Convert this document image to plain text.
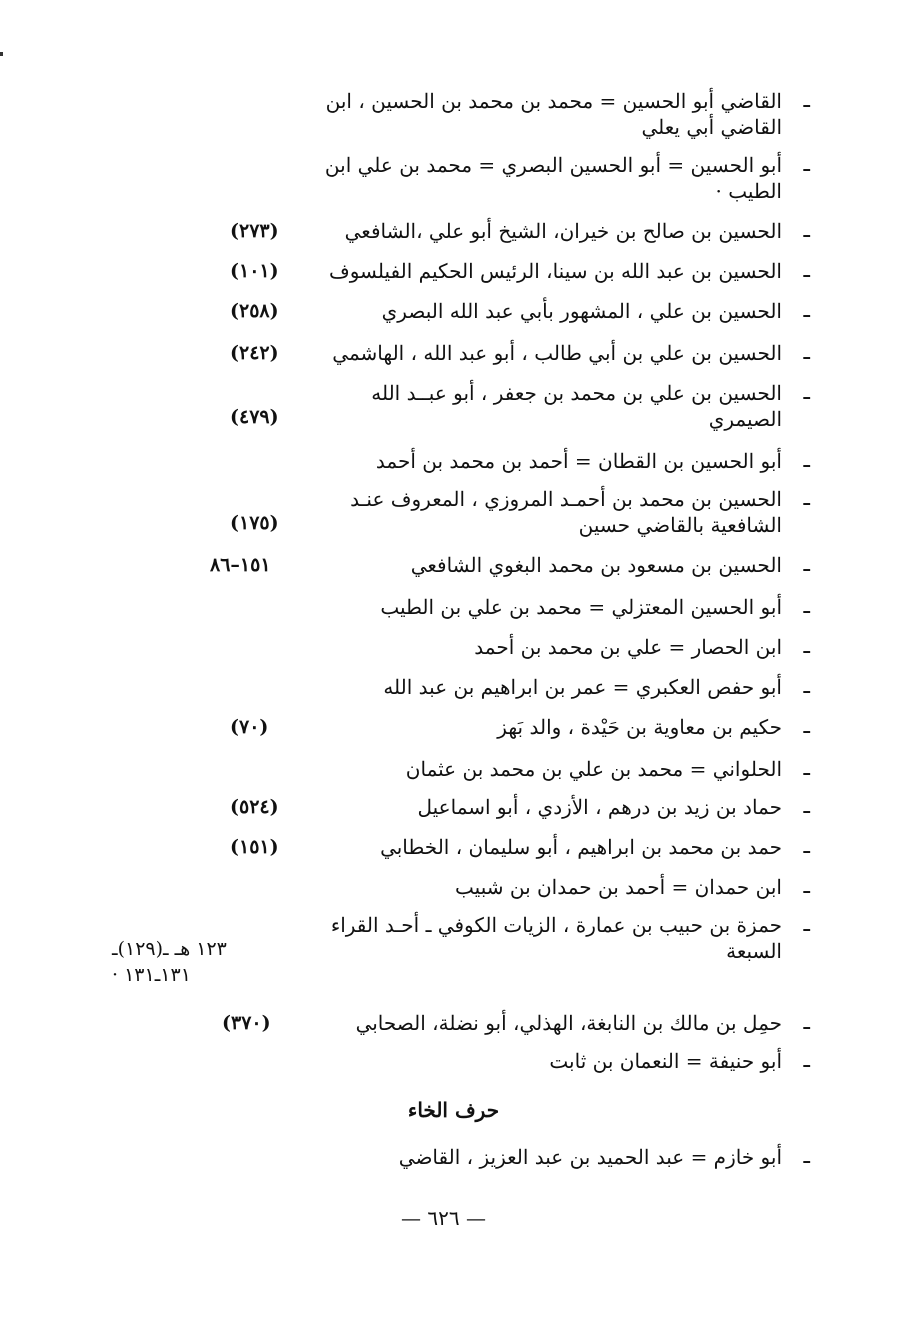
ـ
القاضي أبو الحسين = محمد بن محمد بن الحسين ، ابن القاضي أبي يعلي
ـ
أبو الحسين = أبو الحسين البصري = محمد بن علي ابن الطيب ·
ـ
الحسين بن صالح بن خيران، الشيخ أبو علي ،الشافعي
(٢٧٣)
ـ
الحسين بن عبد الله بن سينا، الرئيس الحكيم الفيلسوف
(١٠١)
ـ
الحسين بن علي ، المشهور بأبي عبد الله البصري
(٢٥٨)
ـ
الحسين بن علي بن أبي طالب ، أبو عبد الله ، الهاشمي
(٢٤٢)
ـ
الحسين بن علي بن محمد بن جعفر ، أبو عبــد الله الصيمري
(٤٧٩)
ـ
أبو الحسين بن القطان = أحمد بن محمد بن أحمد
ـ
الحسين بن محمد بن أحمـد المروزي ، المعروف عنـد الشافعية بالقاضي حسين
(١٧٥)
ـ
الحسين بن مسعود بن محمد البغوي الشافعي
١٥١–٨٦
ـ
أبو الحسين المعتزلي = محمد بن علي بن الطيب
ـ
ابن الحصار = علي بن محمد بن أحمد
ـ
أبو حفص العكبري = عمر بن ابراهيم بن عبد الله
ـ
حكيم بن معاوية بن حَيْدة ، والد بَهز
(٧٠)
ـ
الحلواني = محمد بن علي بن محمد بن عثمان
ـ
حماد بن زيد بن درهم ، الأزدي ، أبو اسماعيل
(٥٢٤)
ـ
حمد بن محمد بن ابراهيم ، أبو سليمان ، الخطابي
(١٥١)
ـ
ابن حمدان = أحمد بن حمدان بن شبيب
ـ
حمزة بن حبيب بن عمارة ، الزيات الكوفي ـ أحـد القراء السبعة
١٢٣ هـ ـ(١٢٩)ـ ١٣١ـ١٣١ ·
ـ
حمِل بن مالك بن النابغة، الهذلي، أبو نضلة، الصحابي
(٣٧٠)
ـ
أبو حنيفة = النعمان بن ثابت
حرف الخاء
ـ
أبو خازم = عبد الحميد بن عبد العزيز ، القاضي
— ٦٢٦ —
